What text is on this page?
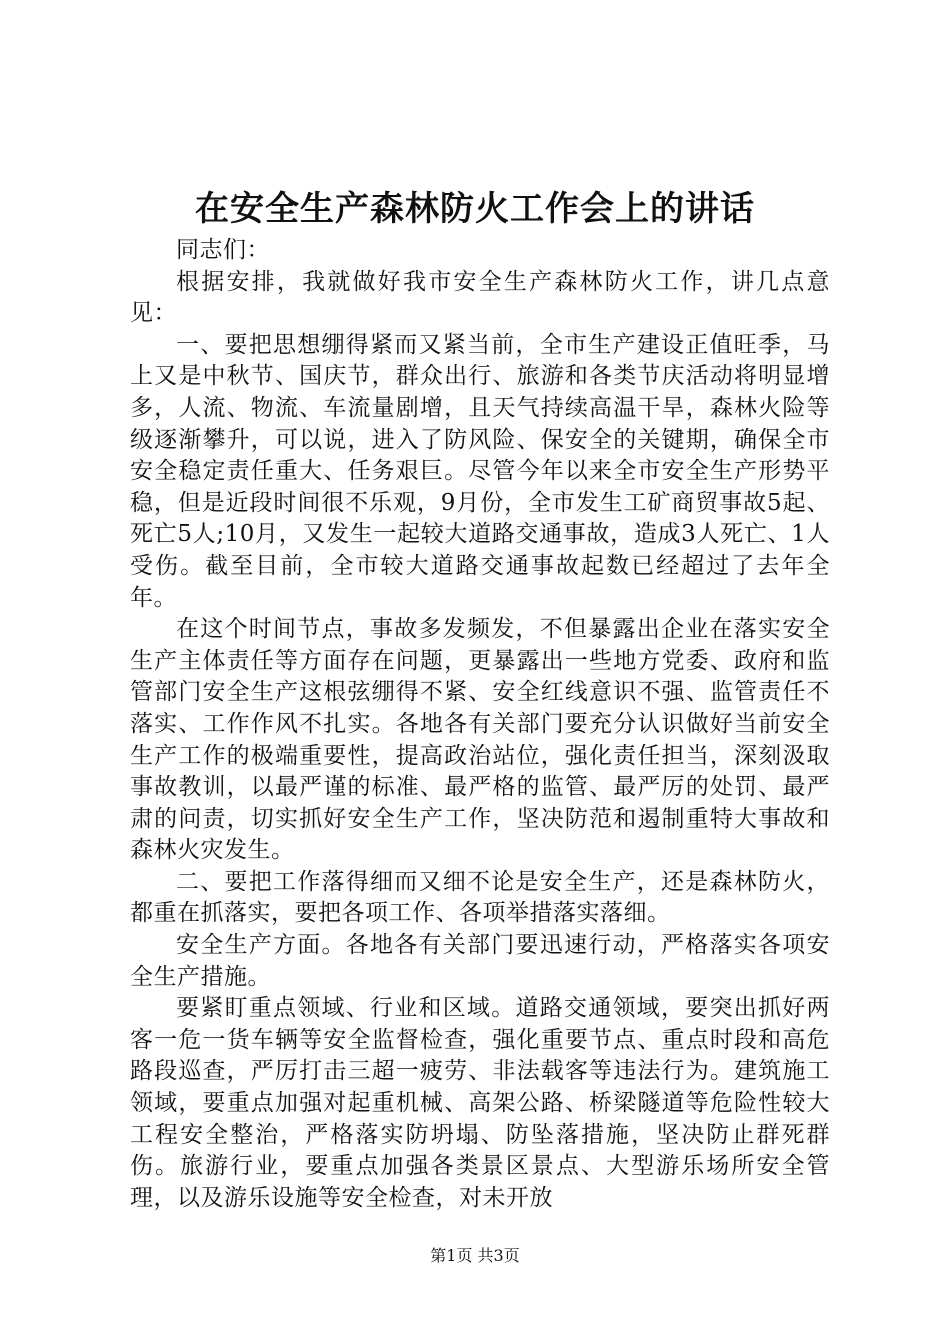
在安全生产森林防火工作会上的讲话

同志们：

根据安排，我就做好我市安全生产森林防火工作，讲几点意见：

一、要把思想绷得紧而又紧当前，全市生产建设正值旺季，马上又是中秋节、国庆节，群众出行、旅游和各类节庆活动将明显增多，人流、物流、车流量剧增，且天气持续高温干旱，森林火险等级逐渐攀升，可以说，进入了防风险、保安全的关键期，确保全市安全稳定责任重大、任务艰巨。尽管今年以来全市安全生产形势平稳，但是近段时间很不乐观，9月份，全市发生工矿商贸事故5起、死亡5人;10月，又发生一起较大道路交通事故，造成3人死亡、1人受伤。截至目前，全市较大道路交通事故起数已经超过了去年全年。

在这个时间节点，事故多发频发，不但暴露出企业在落实安全生产主体责任等方面存在问题，更暴露出一些地方党委、政府和监管部门安全生产这根弦绷得不紧、安全红线意识不强、监管责任不落实、工作作风不扎实。各地各有关部门要充分认识做好当前安全生产工作的极端重要性，提高政治站位，强化责任担当，深刻汲取事故教训，以最严谨的标准、最严格的监管、最严厉的处罚、最严肃的问责，切实抓好安全生产工作，坚决防范和遏制重特大事故和森林火灾发生。

二、要把工作落得细而又细不论是安全生产，还是森林防火，都重在抓落实，要把各项工作、各项举措落实落细。

安全生产方面。各地各有关部门要迅速行动，严格落实各项安全生产措施。

要紧盯重点领域、行业和区域。道路交通领域，要突出抓好两客一危一货车辆等安全监督检查，强化重要节点、重点时段和高危路段巡查，严厉打击三超一疲劳、非法载客等违法行为。建筑施工领域，要重点加强对起重机械、高架公路、桥梁隧道等危险性较大工程安全整治，严格落实防坍塌、防坠落措施，坚决防止群死群伤。旅游行业，要重点加强各类景区景点、大型游乐场所安全管理，以及游乐设施等安全检查，对未开放

第1页 共3页
